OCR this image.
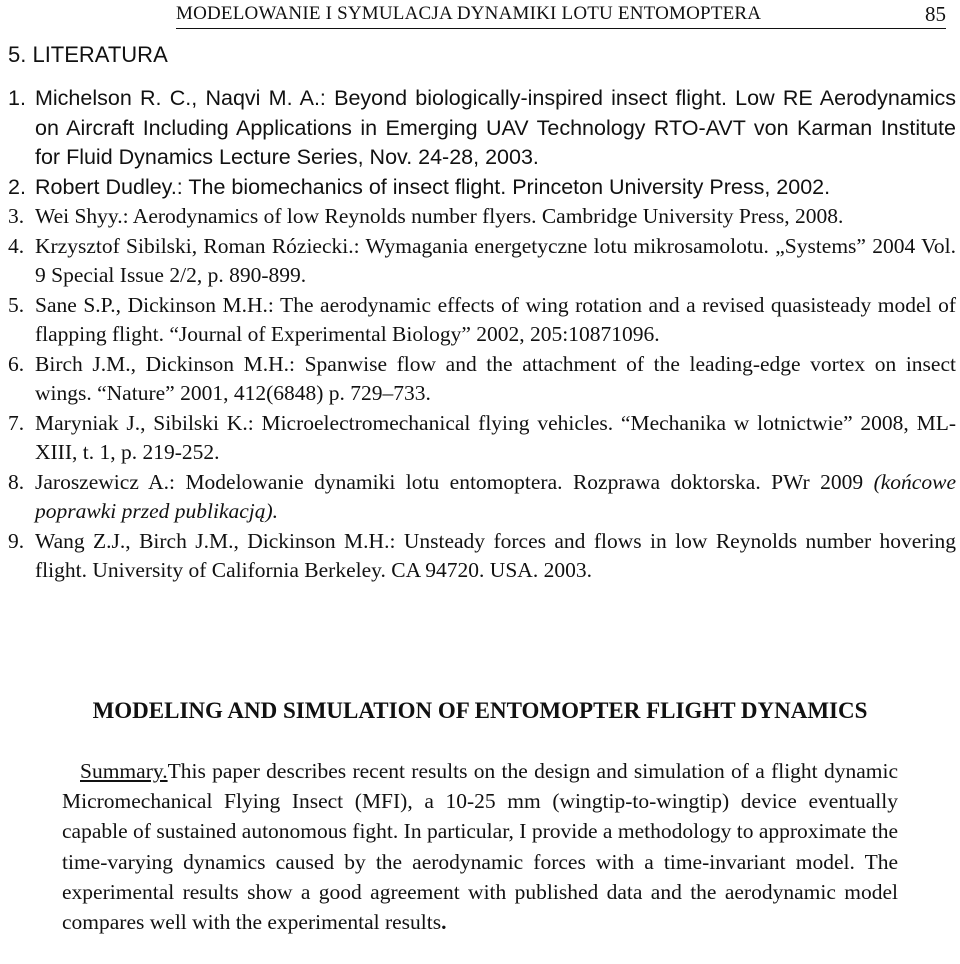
MODELOWANIE I SYMULACJA DYNAMIKI LOTU ENTOMOPTERA	85
5. LITERATURA
1. Michelson R. C., Naqvi M. A.: Beyond biologically-inspired insect flight. Low RE Aerodynamics on Aircraft Including Applications in Emerging UAV Technology RTO-AVT von Karman Institute for Fluid Dynamics Lecture Series, Nov. 24-28, 2003.
2. Robert Dudley.: The biomechanics of insect flight. Princeton University Press, 2002.
3. Wei Shyy.: Aerodynamics of low Reynolds number flyers. Cambridge University Press, 2008.
4. Krzysztof Sibilski, Roman Róziecki.: Wymagania energetyczne lotu mikrosamolotu. „Systems” 2004 Vol. 9 Special Issue 2/2, p. 890-899.
5. Sane S.P., Dickinson M.H.: The aerodynamic effects of wing rotation and a revised quasisteady model of flapping flight. “Journal of Experimental Biology” 2002, 205:10871096.
6. Birch J.M., Dickinson M.H.: Spanwise flow and the attachment of the leading-edge vortex on insect wings. “Nature” 2001, 412(6848) p. 729–733.
7. Maryniak J., Sibilski K.: Microelectromechanical flying vehicles. “Mechanika w lotnictwie” 2008, ML-XIII, t. 1, p. 219-252.
8. Jaroszewicz A.: Modelowanie dynamiki lotu entomoptera. Rozprawa doktorska. PWr 2009 (końcowe poprawki przed publikacją).
9. Wang Z.J., Birch J.M., Dickinson M.H.: Unsteady forces and flows in low Reynolds number hovering flight. University of California Berkeley. CA 94720. USA. 2003.
MODELING AND SIMULATION OF ENTOMOPTER FLIGHT DYNAMICS
Summary.This paper describes recent results on the design and simulation of a flight dynamic Micromechanical Flying Insect (MFI), a 10-25 mm (wingtip-to-wingtip) device eventually capable of sustained autonomous fight. In particular, I provide a methodology to approximate the time-varying dynamics caused by the aerodynamic forces with a time-invariant model. The experimental results show a good agreement with published data and the aerodynamic model compares well with the experimental results.
